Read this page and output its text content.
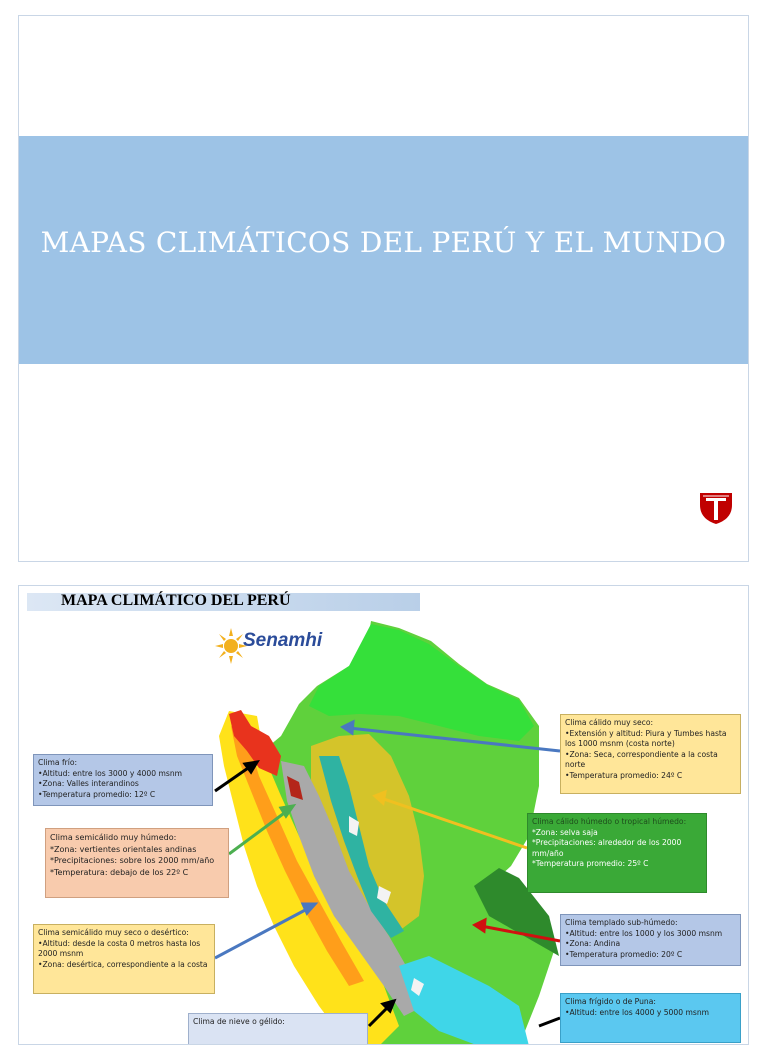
MAPAS CLIMÁTICOS DEL PERÚ Y EL MUNDO
MAPA CLIMÁTICO DEL PERÚ
Senamhi

Clima frío:

•Altitud: entre los 3000 y 4000 msnm

•Zona: Valles interandinos

•Temperatura promedio: 12º C

Clima semicálido muy húmedo:

*Zona: vertientes orientales andinas

*Precipitaciones: sobre los 2000 mm/año

*Temperatura: debajo de los 22º C

Clima semicálido muy seco o desértico:

•Altitud: desde la costa 0 metros hasta los 2000 msnm

•Zona: desértica, correspondiente a la costa

Clima de nieve o gélido:

Clima cálido muy seco:

•Extensión y altitud: Piura y Tumbes hasta los 1000 msnm (costa norte)

•Zona: Seca, correspondiente a la costa norte

•Temperatura promedio: 24º C

Clima cálido húmedo o tropical húmedo:

*Zona: selva saja

*Precipitaciones: alrededor de los 2000 mm/año

*Temperatura promedio: 25º C

Clima templado sub-húmedo:

•Altitud: entre los 1000 y los 3000 msnm

•Zona: Andina

•Temperatura promedio: 20º C

Clima frígido o de Puna:

•Altitud: entre los 4000 y 5000 msnm
